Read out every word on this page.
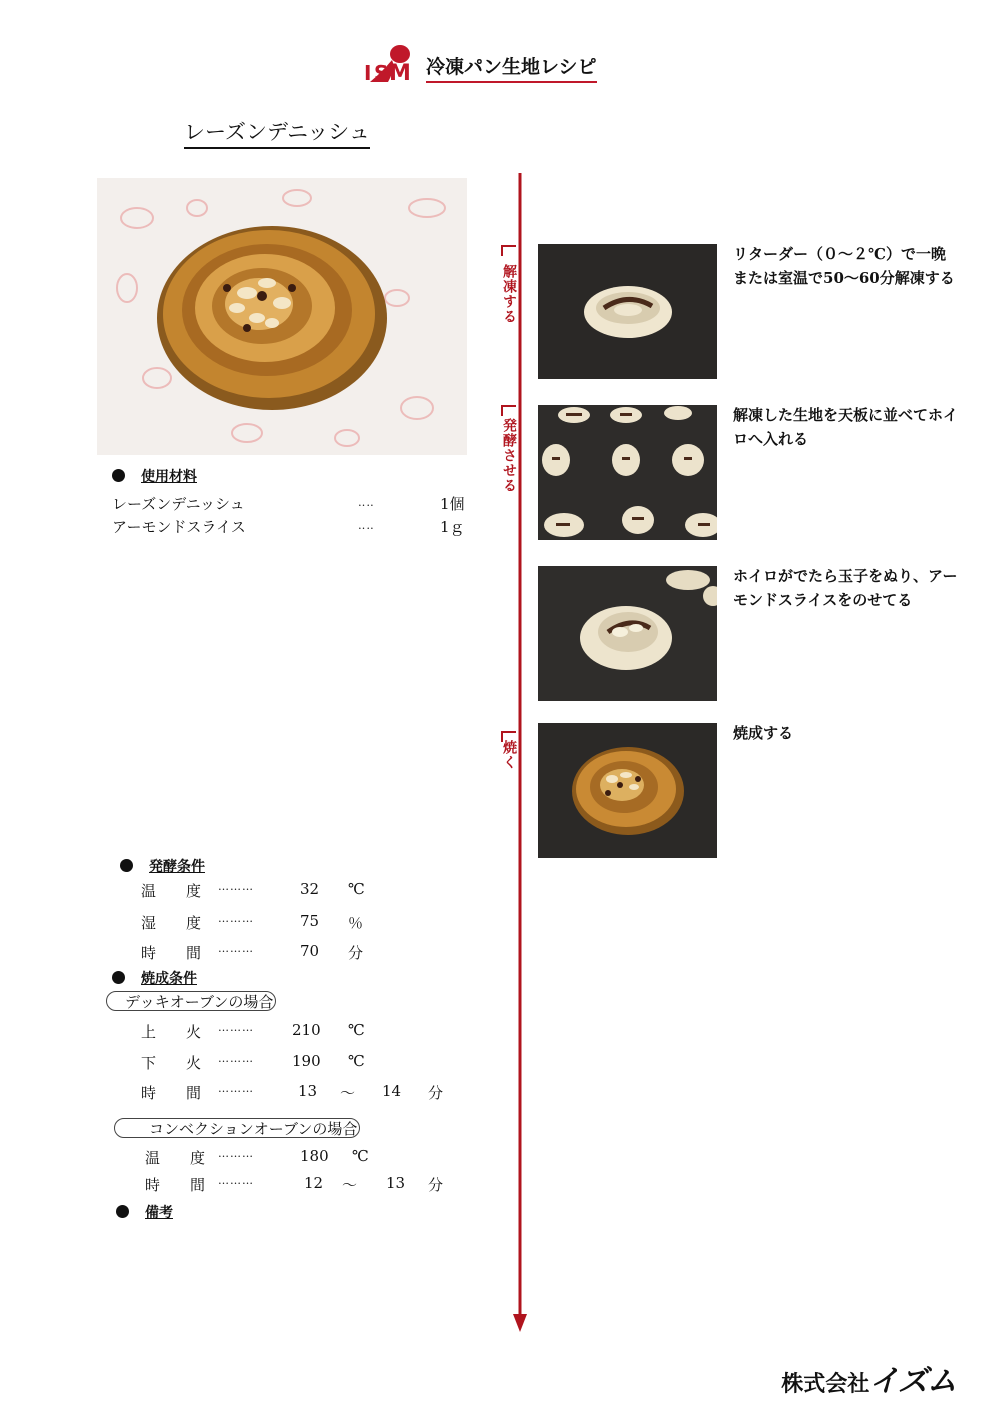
I S M 冷凍パン生地レシピ
レーズンデニッシュ
使用材料
レーズンデニッシュ	‥‥	1個
アーモンドスライス	‥‥	1ｇ
発酵条件
温　　度 ………	32 ℃
湿　　度 ………	75 ％
時　　間 ………	70 分
焼成条件
デッキオーブンの場合
上　　火 ………	210 ℃
下　　火 ………	190 ℃
時　　間 ………	13 ～ 14 分
コンベクションオーブンの場合
温　　度 ………	180 ℃
時　　間 ………	12 ～ 13 分
備考
解凍する
発酵させる
焼く
リターダー（０～２℃）で一晩または室温で50～60分解凍する
解凍した生地を天板に並べてホイロへ入れる
ホイロがでたら玉子をぬり、アーモンドスライスをのせてる
焼成する
株式会社イズム
